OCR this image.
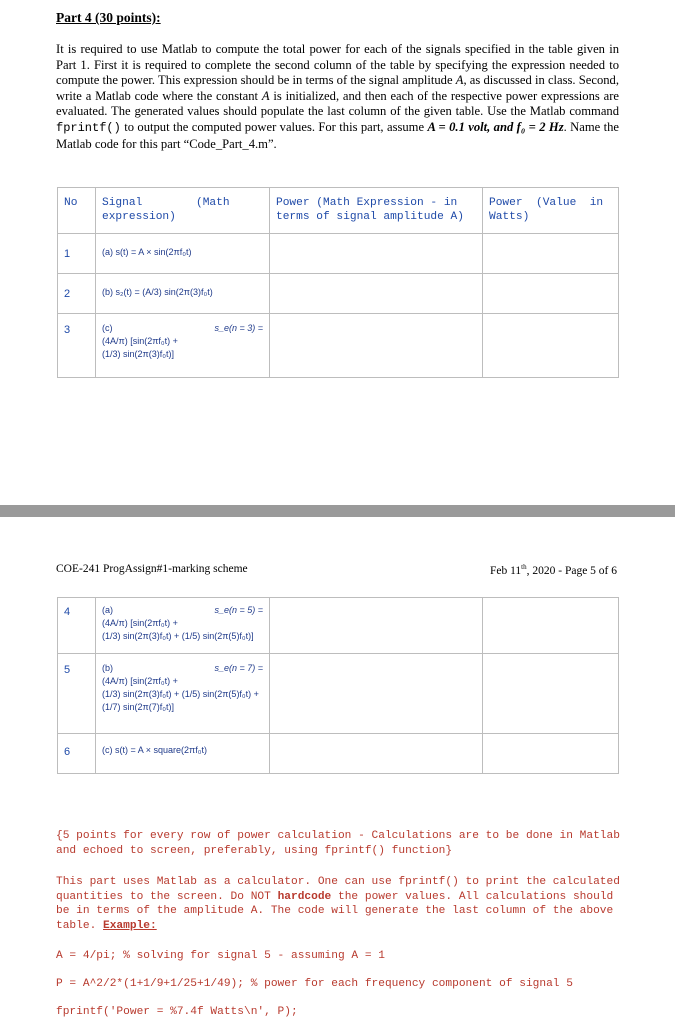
Part 4 (30 points):
It is required to use Matlab to compute the total power for each of the signals specified in the table given in Part 1. First it is required to complete the second column of the table by specifying the expression needed to compute the power. This expression should be in terms of the signal amplitude A, as discussed in class. Second, write a Matlab code where the constant A is initialized, and then each of the respective power expressions are evaluated. The generated values should populate the last column of the given table. Use the Matlab command fprintf() to output the computed power values. For this part, assume A = 0.1 volt, and f₀ = 2 Hz. Name the Matlab code for this part “Code_Part_4.m”.
No	Signal        (Math expression)	Power (Math Expression - in terms of signal amplitude A)	Power  (Value  in Watts)
1	(a) s(t) = A × sin(2πf₀t)		

2	(b) s₂(t) = (A/3) sin(2π(3)f₀t)		

3	(c) s_e(n = 3) =
(4A/π) [sin(2πf₀t) +
(1/3) sin(2π(3)f₀t)]		

COE-241 ProgAssign#1-marking scheme	Feb 11th, 2020 - Page 5 of 6
4	(a) s_e(n = 5) =
(4A/π) [sin(2πf₀t) +
(1/3) sin(2π(3)f₀t) + (1/5) sin(2π(5)f₀t)]		

5	(b) s_e(n = 7) =
(4A/π) [sin(2πf₀t) +
(1/3) sin(2π(3)f₀t) + (1/5) sin(2π(5)f₀t) +
(1/7) sin(2π(7)f₀t)]		

6	(c) s(t) = A × square(2πf₀t)		

{5 points for every row of power calculation - Calculations are to be done in Matlab and echoed to screen, preferably, using fprintf() function}
This part uses Matlab as a calculator. One can use fprintf() to print the calculated quantities to the screen. Do NOT hardcode the power values. All calculations should be in terms of the amplitude A. The code will generate the last column of the above table. Example:
A = 4/pi; % solving for signal 5 - assuming A = 1
P = A^2/2*(1+1/9+1/25+1/49); % power for each frequency component of signal 5
fprintf('Power = %7.4f Watts\n', P);
